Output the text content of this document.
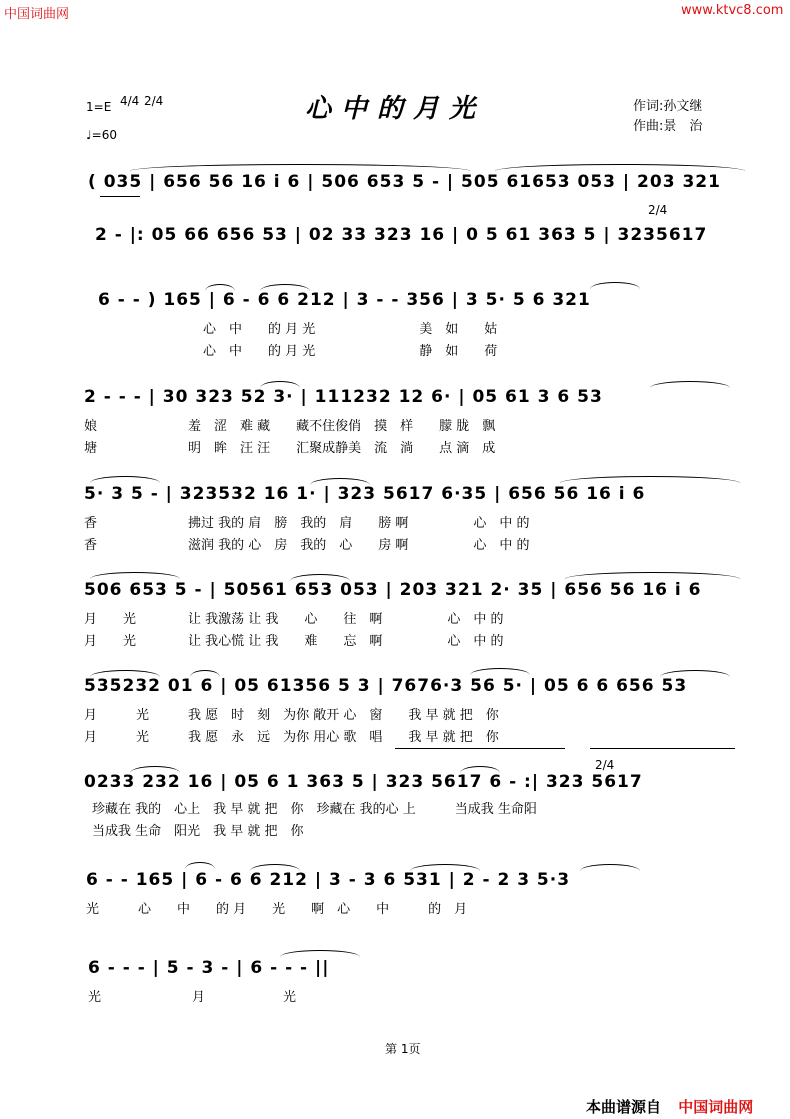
中国词曲网	www.ktvc8.com
心中的月光
1=E 4/4 2/4
♩=60
作词:孙文继
作曲:景　治
( 035 | 656 56 16 i 6 | 506 653 5 - | 505 61653 053 | 203 321
2 - |: 05 66 656 53 | 02 33 323 16 | 0 5 61 363 5 | 3235617
2/4
6 - - ) 165 | 6 - 6 6 212 | 3 - - 356 | 3 5· 5 6 321
心　中　　的 月 光　　　　　　　　美　如　　姑
心　中　　的 月 光　　　　　　　　静　如　　荷
2 - - - | 30 323 52 3· | 111232 12 6· | 05 61 3 6 53
娘　　　　　　　羞　涩　难 藏　　藏不住俊俏　摸　样　　朦 胧　飘
塘　　　　　　　明　眸　汪 汪　　汇聚成静美　流　淌　　点 滴　成
5· 3 5 - | 323532 16 1· | 323 5617 6·35 | 656 56 16 i 6
香　　　　　　　拂过 我的 肩　膀　我的　肩　　膀 啊　　　　　心　中 的
香　　　　　　　滋润 我的 心　房　我的　心　　房 啊　　　　　心　中 的
506 653 5 - | 50561 653 053 | 203 321 2· 35 | 656 56 16 i 6
月　　光　　　　让 我激荡 让 我　　心　　往　啊　　　　　心　中 的
月　　光　　　　让 我心慌 让 我　　难　　忘　啊　　　　　心　中 的
535232 01 6 | 05 61356 5 3 | 7676·3 56 5· | 05 6 6 656 53
月　　　光　　　我 愿　时　刻　为你 敞开 心　窗　　我 早 就 把　你
月　　　光　　　我 愿　永　远　为你 用心 歌　唱　　我 早 就 把　你
0233 232 16 | 05 6 1 363 5 | 323 5617 6 - :| 323 5617
2/4
珍藏在 我的　心上　我 早 就 把　你　珍藏在 我的心 上　　　当成我 生命阳
当成我 生命　阳光　我 早 就 把　你
6 - - 165 | 6 - 6 6 212 | 3 - 3 6 531 | 2 - 2 3 5·3
光　　　心　　中　　的 月　　光　　啊　心　　中　　　的　月
6 - - - | 5 - 3 - | 6 - - - ||
光　　　　　　　月　　　　　　光
第 1页
本曲谱源自 中国词曲网
